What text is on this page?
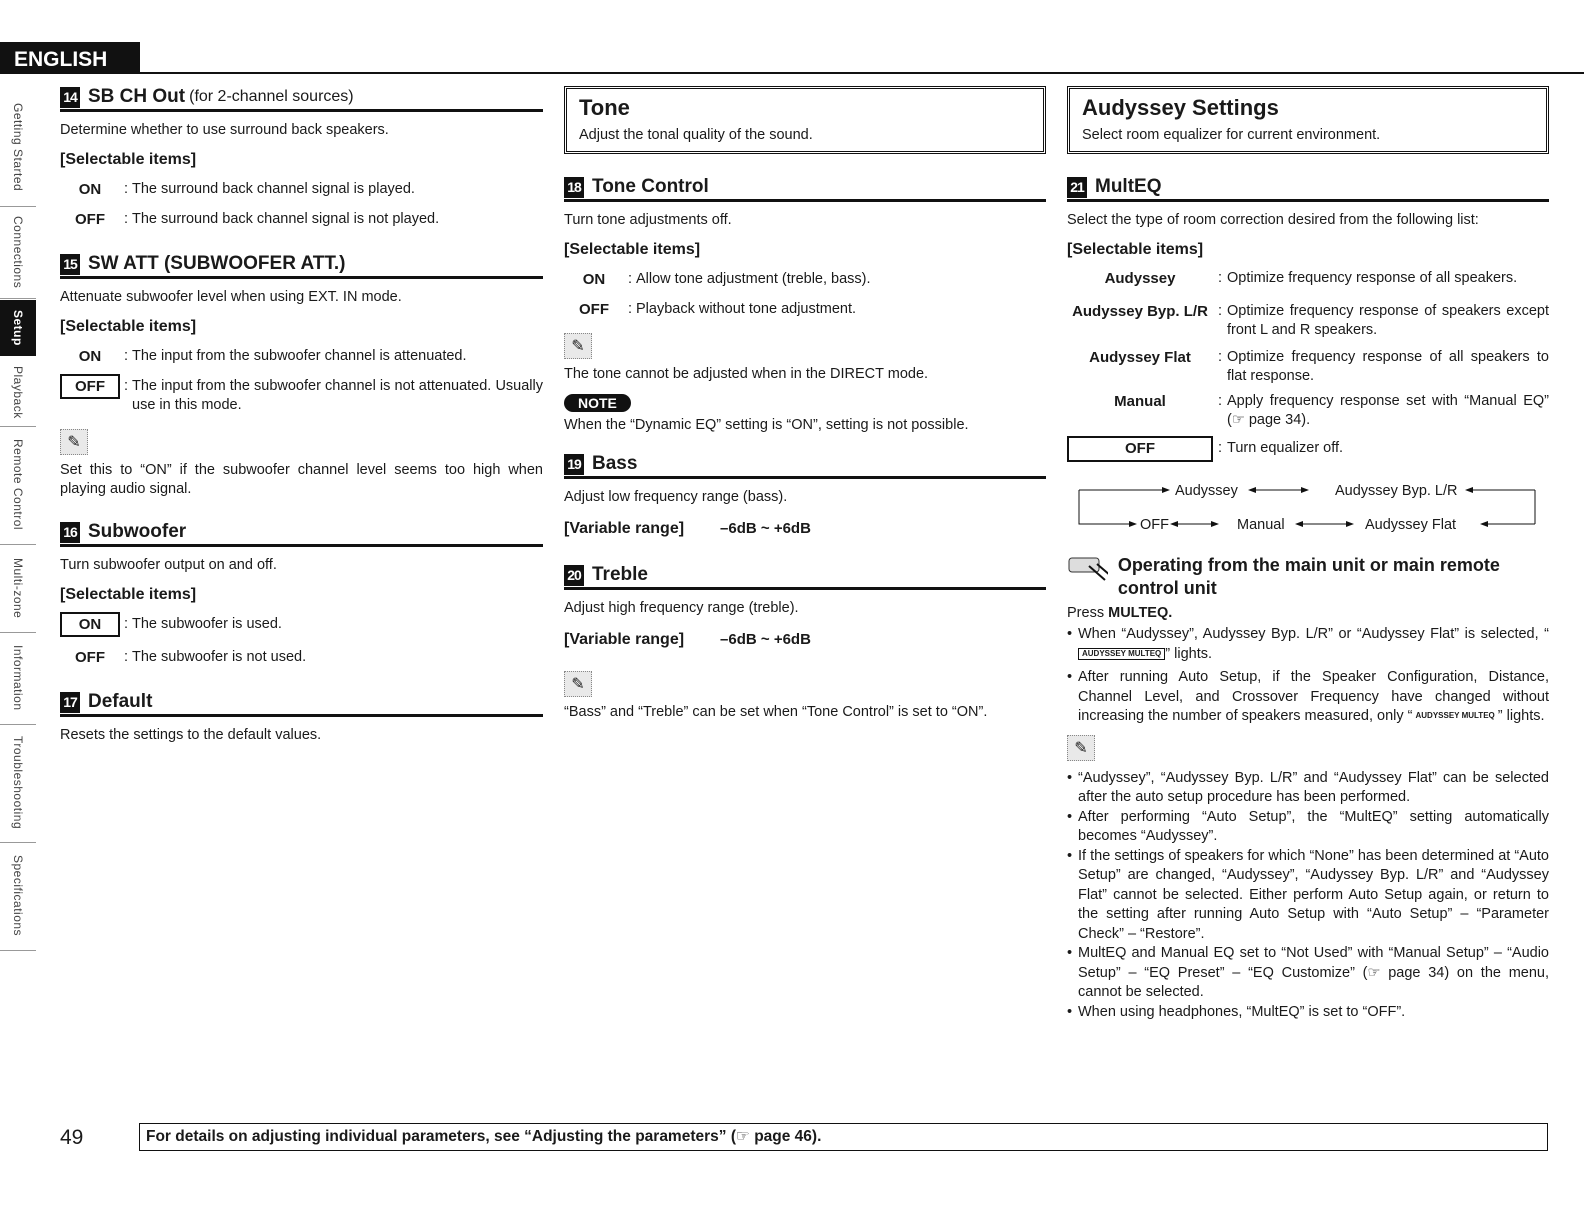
ENGLISH
Getting Started
Connections
Setup
Playback
Remote Control
Multi-zone
Information
Troubleshooting
Specifications
14 SB CH Out (for 2-channel sources)
Determine whether to use surround back speakers.
[Selectable items]
ON	: The surround back channel signal is played.
OFF	: The surround back channel signal is not played.
15 SW ATT (SUBWOOFER ATT.)
Attenuate subwoofer level when using EXT. IN mode.
[Selectable items]
ON	: The input from the subwoofer channel is attenuated.
OFF	: The input from the subwoofer channel is not attenuated. Usually use in this mode.
✎
Set this to “ON” if the subwoofer channel level seems too high when playing audio signal.
16 Subwoofer
Turn subwoofer output on and off.
[Selectable items]
ON	: The subwoofer is used.
OFF	: The subwoofer is not used.
17 Default
Resets the settings to the default values.
Tone
Adjust the tonal quality of the sound.
18 Tone Control
Turn tone adjustments off.
[Selectable items]
ON	: Allow tone adjustment (treble, bass).
OFF	: Playback without tone adjustment.
✎
The tone cannot be adjusted when in the DIRECT mode.
NOTE
When the “Dynamic EQ” setting is “ON”, setting is not possible.
19 Bass
Adjust low frequency range (bass).
[Variable range] –6dB ~ +6dB
20 Treble
Adjust high frequency range (treble).
[Variable range] –6dB ~ +6dB
✎
“Bass” and “Treble” can be set when “Tone Control” is set to “ON”.
Audyssey Settings
Select room equalizer for current environment.
21 MultEQ
Select the type of room correction desired from the following list:
[Selectable items]
Audyssey	: Optimize frequency response of all speakers.
Audyssey Byp. L/R : Optimize frequency response of speakers except front L and R speakers.
Audyssey Flat	: Optimize frequency response of all speakers to flat response.
Manual	: Apply frequency response set with “Manual EQ” (☞ page 34).
OFF	: Turn equalizer off.
Audyssey	Audyssey Byp. L/R
OFF	Manual	Audyssey Flat
Operating from the main unit or main remote control unit
Press MULTEQ.
• When “Audyssey”, Audyssey Byp. L/R” or “Audyssey Flat” is selected, “AUDYSSEY MULTEQ ” lights.
• After running Auto Setup, if the Speaker Configuration, Distance, Channel Level, and Crossover Frequency have changed without increasing the number of speakers measured, only “ AUDYSSEY MULTEQ ” lights.
✎
• “Audyssey”, “Audyssey Byp. L/R” and “Audyssey Flat” can be selected after the auto setup procedure has been performed.
• After performing “Auto Setup”, the “MultEQ” setting automatically becomes “Audyssey”.
• If the settings of speakers for which “None” has been determined at “Auto Setup” are changed, “Audyssey”, “Audyssey Byp. L/R” and “Audyssey Flat” cannot be selected. Either perform Auto Setup again, or return to the setting after running Auto Setup with “Auto Setup” – “Parameter Check” – “Restore”.
• MultEQ and Manual EQ set to “Not Used” with “Manual Setup” – “Audio Setup” – “EQ Preset” – “EQ Customize” (☞ page 34) on the menu, cannot be selected.
• When using headphones, “MultEQ” is set to “OFF”.
49	For details on adjusting individual parameters, see “Adjusting the parameters” (☞ page 46).
